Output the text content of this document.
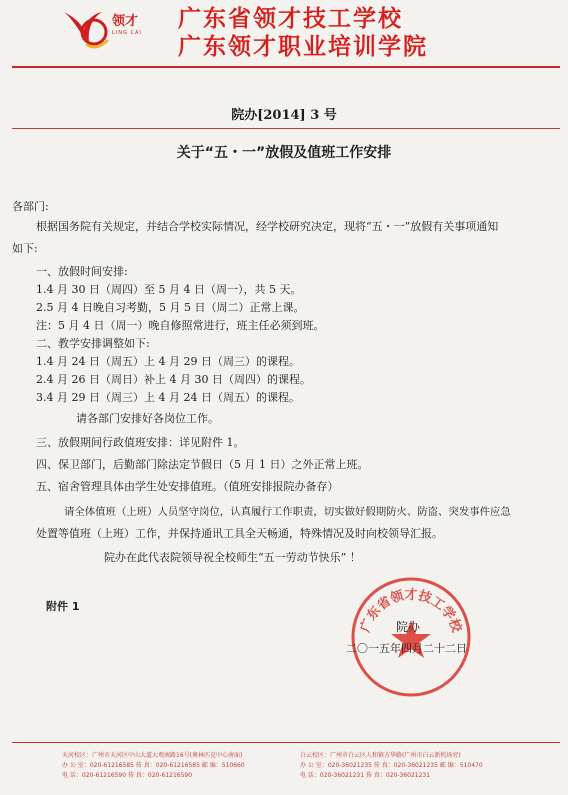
领才
LING CAI
广东省领才技工学校
广东领才职业培训学院
院办[2014] 3 号
关于“五・一”放假及值班工作安排
各部门:
根据国务院有关规定，并结合学校实际情况，经学校研究决定，现将“五・一”放假有关事项通知
如下:
一、放假时间安排:
1.4 月 30 日（周四）至 5 月 4 日（周一），共 5 天。
2.5 月 4 日晚自习考勤，5 月 5 日（周二）正常上课。
注：5 月 4 日（周一）晚自修照常进行，班主任必须到班。
二、教学安排调整如下:
1.4 月 24 日（周五）上 4 月 29 日（周三）的课程。
2.4 月 26 日（周日）补上 4 月 30 日（周四）的课程。
3.4 月 29 日（周三）上 4 月 24 日（周五）的课程。
请各部门安排好各岗位工作。
三、放假期间行政值班安排：详见附件 1。
四、保卫部门，后勤部门除法定节假日（5 月 1 日）之外正常上班。
五、宿舍管理具体由学生处安排值班。（值班安排报院办备存）
请全体值班（上班）人员坚守岗位，认真履行工作职责，切实做好假期防火、防盗、突发事件应急
处置等值班（上班）工作，并保持通讯工具全天畅通，特殊情况及时向校领导汇报。
院办在此代表院领导祝全校师生“五一劳动节快乐” ！
附件 1
广东省领才技工学校
院办
二〇一五年四月二十二日
天河校区：广州市天河区中山大道大观南路16号(奥林匹克中心南面)
办 公 室：020-61216585 传 真：020-61216585 邮 编：510660
电 话：020-61216590 传 真：020-61216590
白云校区：广州市白云区人和镇方华路(广州市白云新机场旁)
办 公 室：020-36021235 传 真：020-36021235 邮 编：510470
电 话：020-36021231 传 真：020-36021231
